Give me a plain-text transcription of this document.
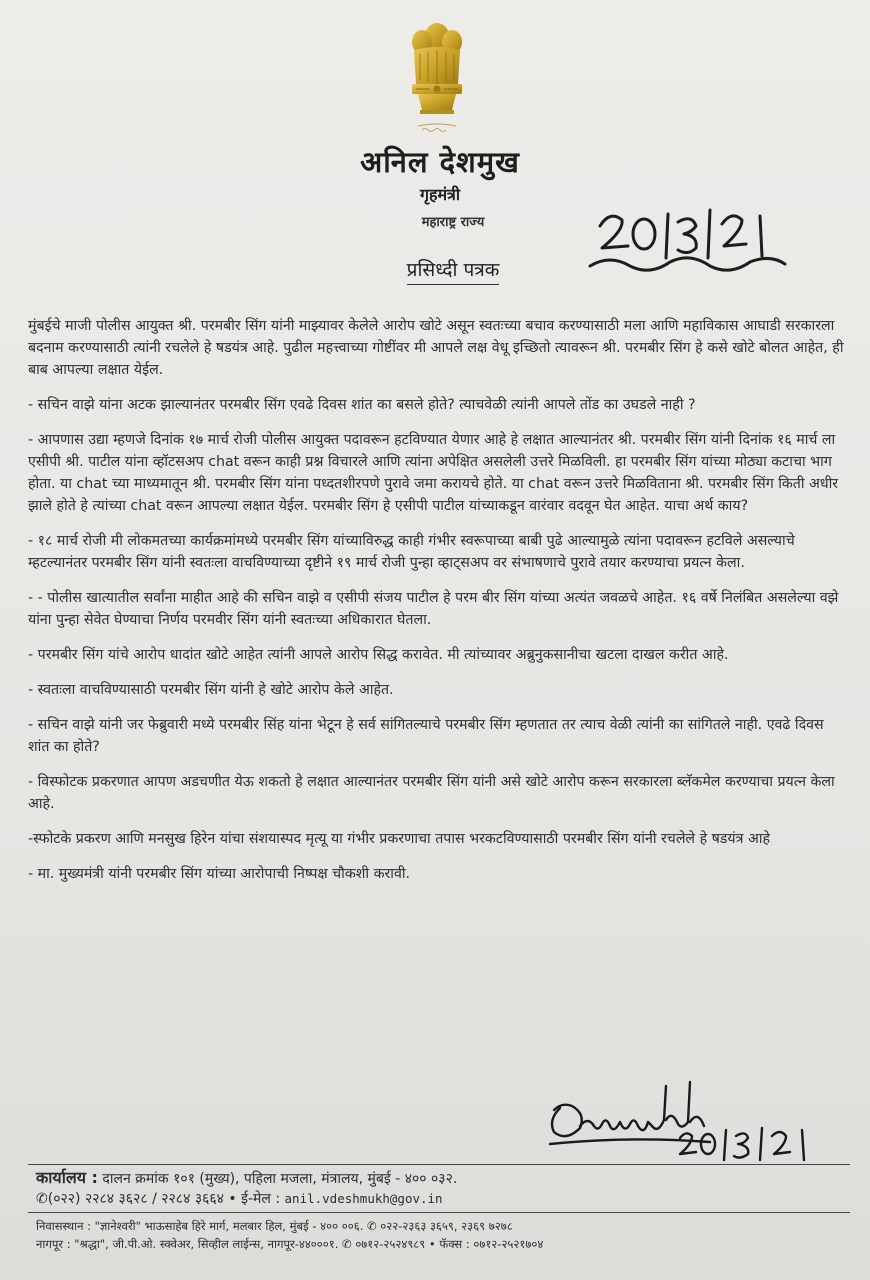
अनिल देशमुख
गृहमंत्री
महाराष्ट्र राज्य
प्रसिध्दी पत्रक

मुंबईचे माजी पोलीस आयुक्त श्री. परमबीर सिंग यांनी माझ्यावर केलेले आरोप खोटे असून स्वतःच्या बचाव करण्यासाठी मला आणि महाविकास आघाडी सरकारला बदनाम करण्यासाठी त्यांनी रचलेले हे षडयंत्र आहे. पुढील महत्त्वाच्या गोष्टींवर मी आपले लक्ष वेधू इच्छितो त्यावरून श्री. परमबीर सिंग हे कसे खोटे बोलत आहेत, ही बाब आपल्या लक्षात येईल.

- सचिन वाझे यांना अटक झाल्यानंतर परमबीर सिंग एवढे दिवस शांत का बसले होते? त्याचवेळी त्यांनी आपले तोंड का उघडले नाही ?

- आपणास उद्या म्हणजे दिनांक १७ मार्च रोजी पोलीस आयुक्त पदावरून हटविण्यात येणार आहे हे लक्षात आल्यानंतर श्री. परमबीर सिंग यांनी दिनांक १६ मार्च ला एसीपी श्री. पाटील यांना व्हॉटसअप chat वरून काही प्रश्न विचारले आणि त्यांना अपेक्षित असलेली उत्तरे मिळविली. हा परमबीर सिंग यांच्या मोठ्या कटाचा भाग होता. या chat च्या माध्यमातून श्री. परमबीर सिंग यांना पध्दतशीरपणे पुरावे जमा करायचे होते. या chat वरून उत्तरे मिळविताना श्री. परमबीर सिंग किती अधीर झाले होते हे त्यांच्या chat वरून आपल्या लक्षात येईल. परमबीर सिंग हे एसीपी पाटील यांच्याकडून वारंवार वदवून घेत आहेत. याचा अर्थ काय?

- १८ मार्च रोजी मी लोकमतच्या कार्यक्रमांमध्ये परमबीर सिंग यांच्याविरुद्ध काही गंभीर स्वरूपाच्या बाबी पुढे आल्यामुळे त्यांना पदावरून हटविले असल्याचे म्हटल्यानंतर परमबीर सिंग यांनी स्वतःला वाचविण्याच्या दृष्टीने १९ मार्च रोजी पुन्हा व्हाट्सअप वर संभाषणाचे पुरावे तयार करण्याचा प्रयत्न केला.

- - पोलीस खात्यातील सर्वांना माहीत आहे की सचिन वाझे व एसीपी संजय पाटील हे परम बीर सिंग यांच्या अत्यंत जवळचे आहेत. १६ वर्षे निलंबित असलेल्या वझे यांना पुन्हा सेवेत घेण्याचा निर्णय परमवीर सिंग यांनी स्वतःच्या अधिकारात घेतला.

- परमबीर सिंग यांचे आरोप धादांत खोटे आहेत त्यांनी आपले आरोप सिद्ध करावेत. मी त्यांच्यावर अब्रुनुकसानीचा खटला दाखल करीत आहे.

- स्वतःला वाचविण्यासाठी परमबीर सिंग यांनी हे खोटे आरोप केले आहेत.

- सचिन वाझे यांनी जर फेब्रुवारी मध्ये परमबीर सिंह यांना भेटून हे सर्व सांगितल्याचे परमबीर सिंग म्हणतात तर त्याच वेळी त्यांनी का सांगितले नाही. एवढे दिवस शांत का होते?

- विस्फोटक प्रकरणात आपण अडचणीत येऊ शकतो हे लक्षात आल्यानंतर परमबीर सिंग यांनी असे खोटे आरोप करून सरकारला ब्लॅकमेल करण्याचा प्रयत्न केला आहे.

-स्फोटके प्रकरण आणि मनसुख हिरेन यांचा संशयास्पद मृत्यू या गंभीर प्रकरणाचा तपास भरकटविण्यासाठी परमबीर सिंग यांनी रचलेले हे षडयंत्र आहे

- मा. मुख्यमंत्री यांनी परमबीर सिंग यांच्या आरोपाची निष्पक्ष चौकशी करावी.

कार्यालय : दालन क्रमांक १०१ (मुख्य), पहिला मजला, मंत्रालय, मुंबई - ४०० ०३२.
✆(०२२) २२८४ ३६२८ / २२८४ ३६६४ • ई-मेल : anil.vdeshmukh@gov.in
निवासस्थान : "ज्ञानेश्वरी" भाऊसाहेब हिरे मार्ग, मलबार हिल, मुंबई - ४०० ००६. ✆ ०२२-२३६३ ३६५९, २३६९ ७२७८
नागपूर : "श्रद्धा", जी.पी.ओ. स्क्वेअर, सिव्हील लाईन्स, नागपूर-४४०००१. ✆ ०७१२-२५२४९८९ • फॅक्स : ०७१२-२५२१७०४
